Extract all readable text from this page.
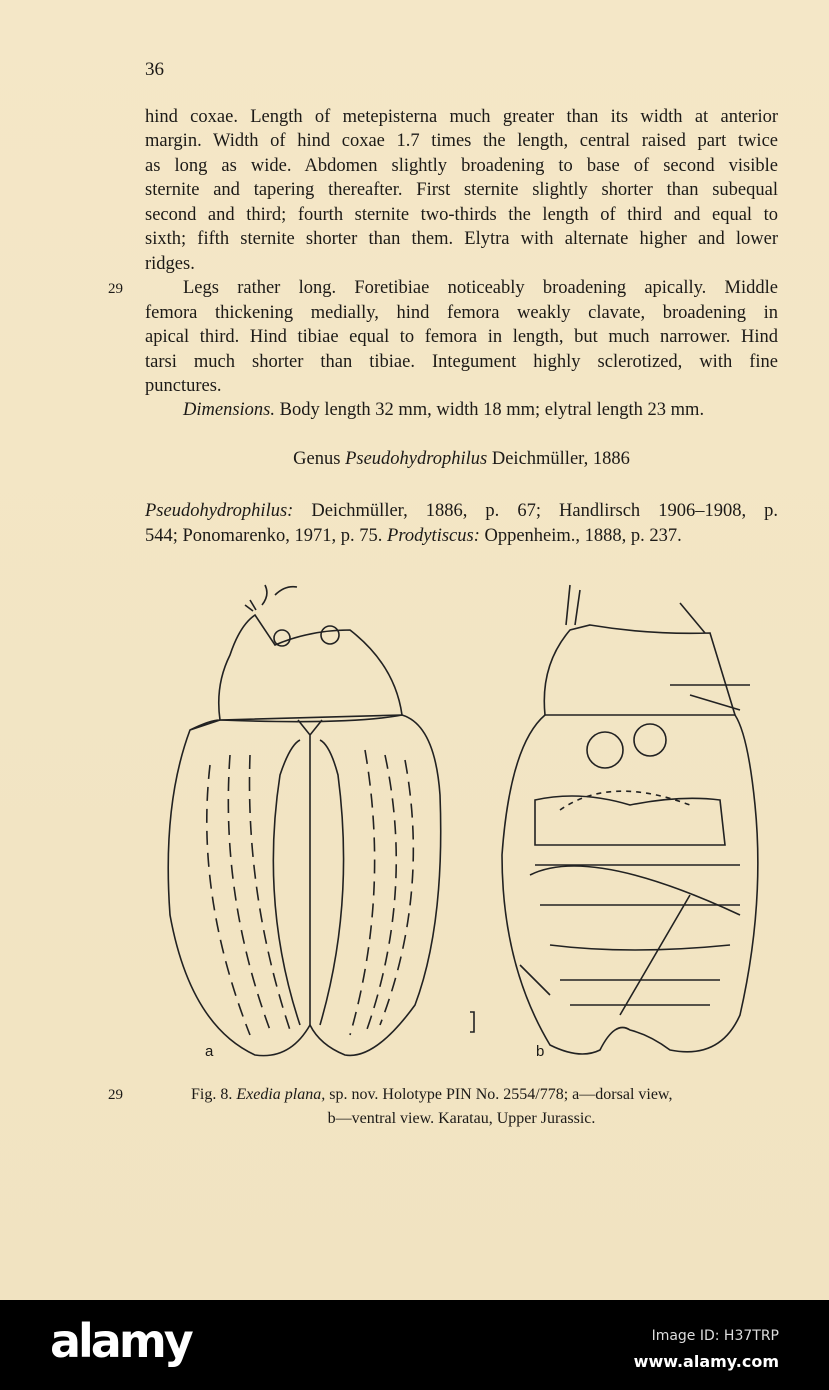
36
hind coxae. Length of metepisterna much greater than its width at anterior
margin. Width of hind coxae 1.7 times the length, central raised part twice
as long as wide. Abdomen slightly broadening to base of second visible
sternite and tapering thereafter. First sternite slightly shorter than subequal
second and third; fourth sternite two-thirds the length of third and equal to
sixth; fifth sternite shorter than them. Elytra with alternate higher and lower
ridges.
29	Legs rather long. Foretibiae noticeably broadening apically. Middle
femora thickening medially, hind femora weakly clavate, broadening in
apical third. Hind tibiae equal to femora in length, but much narrower. Hind
tarsi much shorter than tibiae. Integument highly sclerotized, with fine
punctures.
Dimensions. Body length 32 mm, width 18 mm; elytral length 23 mm.
Genus Pseudohydrophilus Deichmüller, 1886
Pseudohydrophilus: Deichmüller, 1886, p. 67; Handlirsch 1906–1908, p.
544; Ponomarenko, 1971, p. 75. Prodytiscus: Oppenheim., 1888, p. 237.
a	b
29	Fig. 8. Exedia plana, sp. nov. Holotype PIN No. 2554/778; a—dorsal view,
b—ventral view. Karatau, Upper Jurassic.
alamy	Image ID: H37TRP
www.alamy.com
